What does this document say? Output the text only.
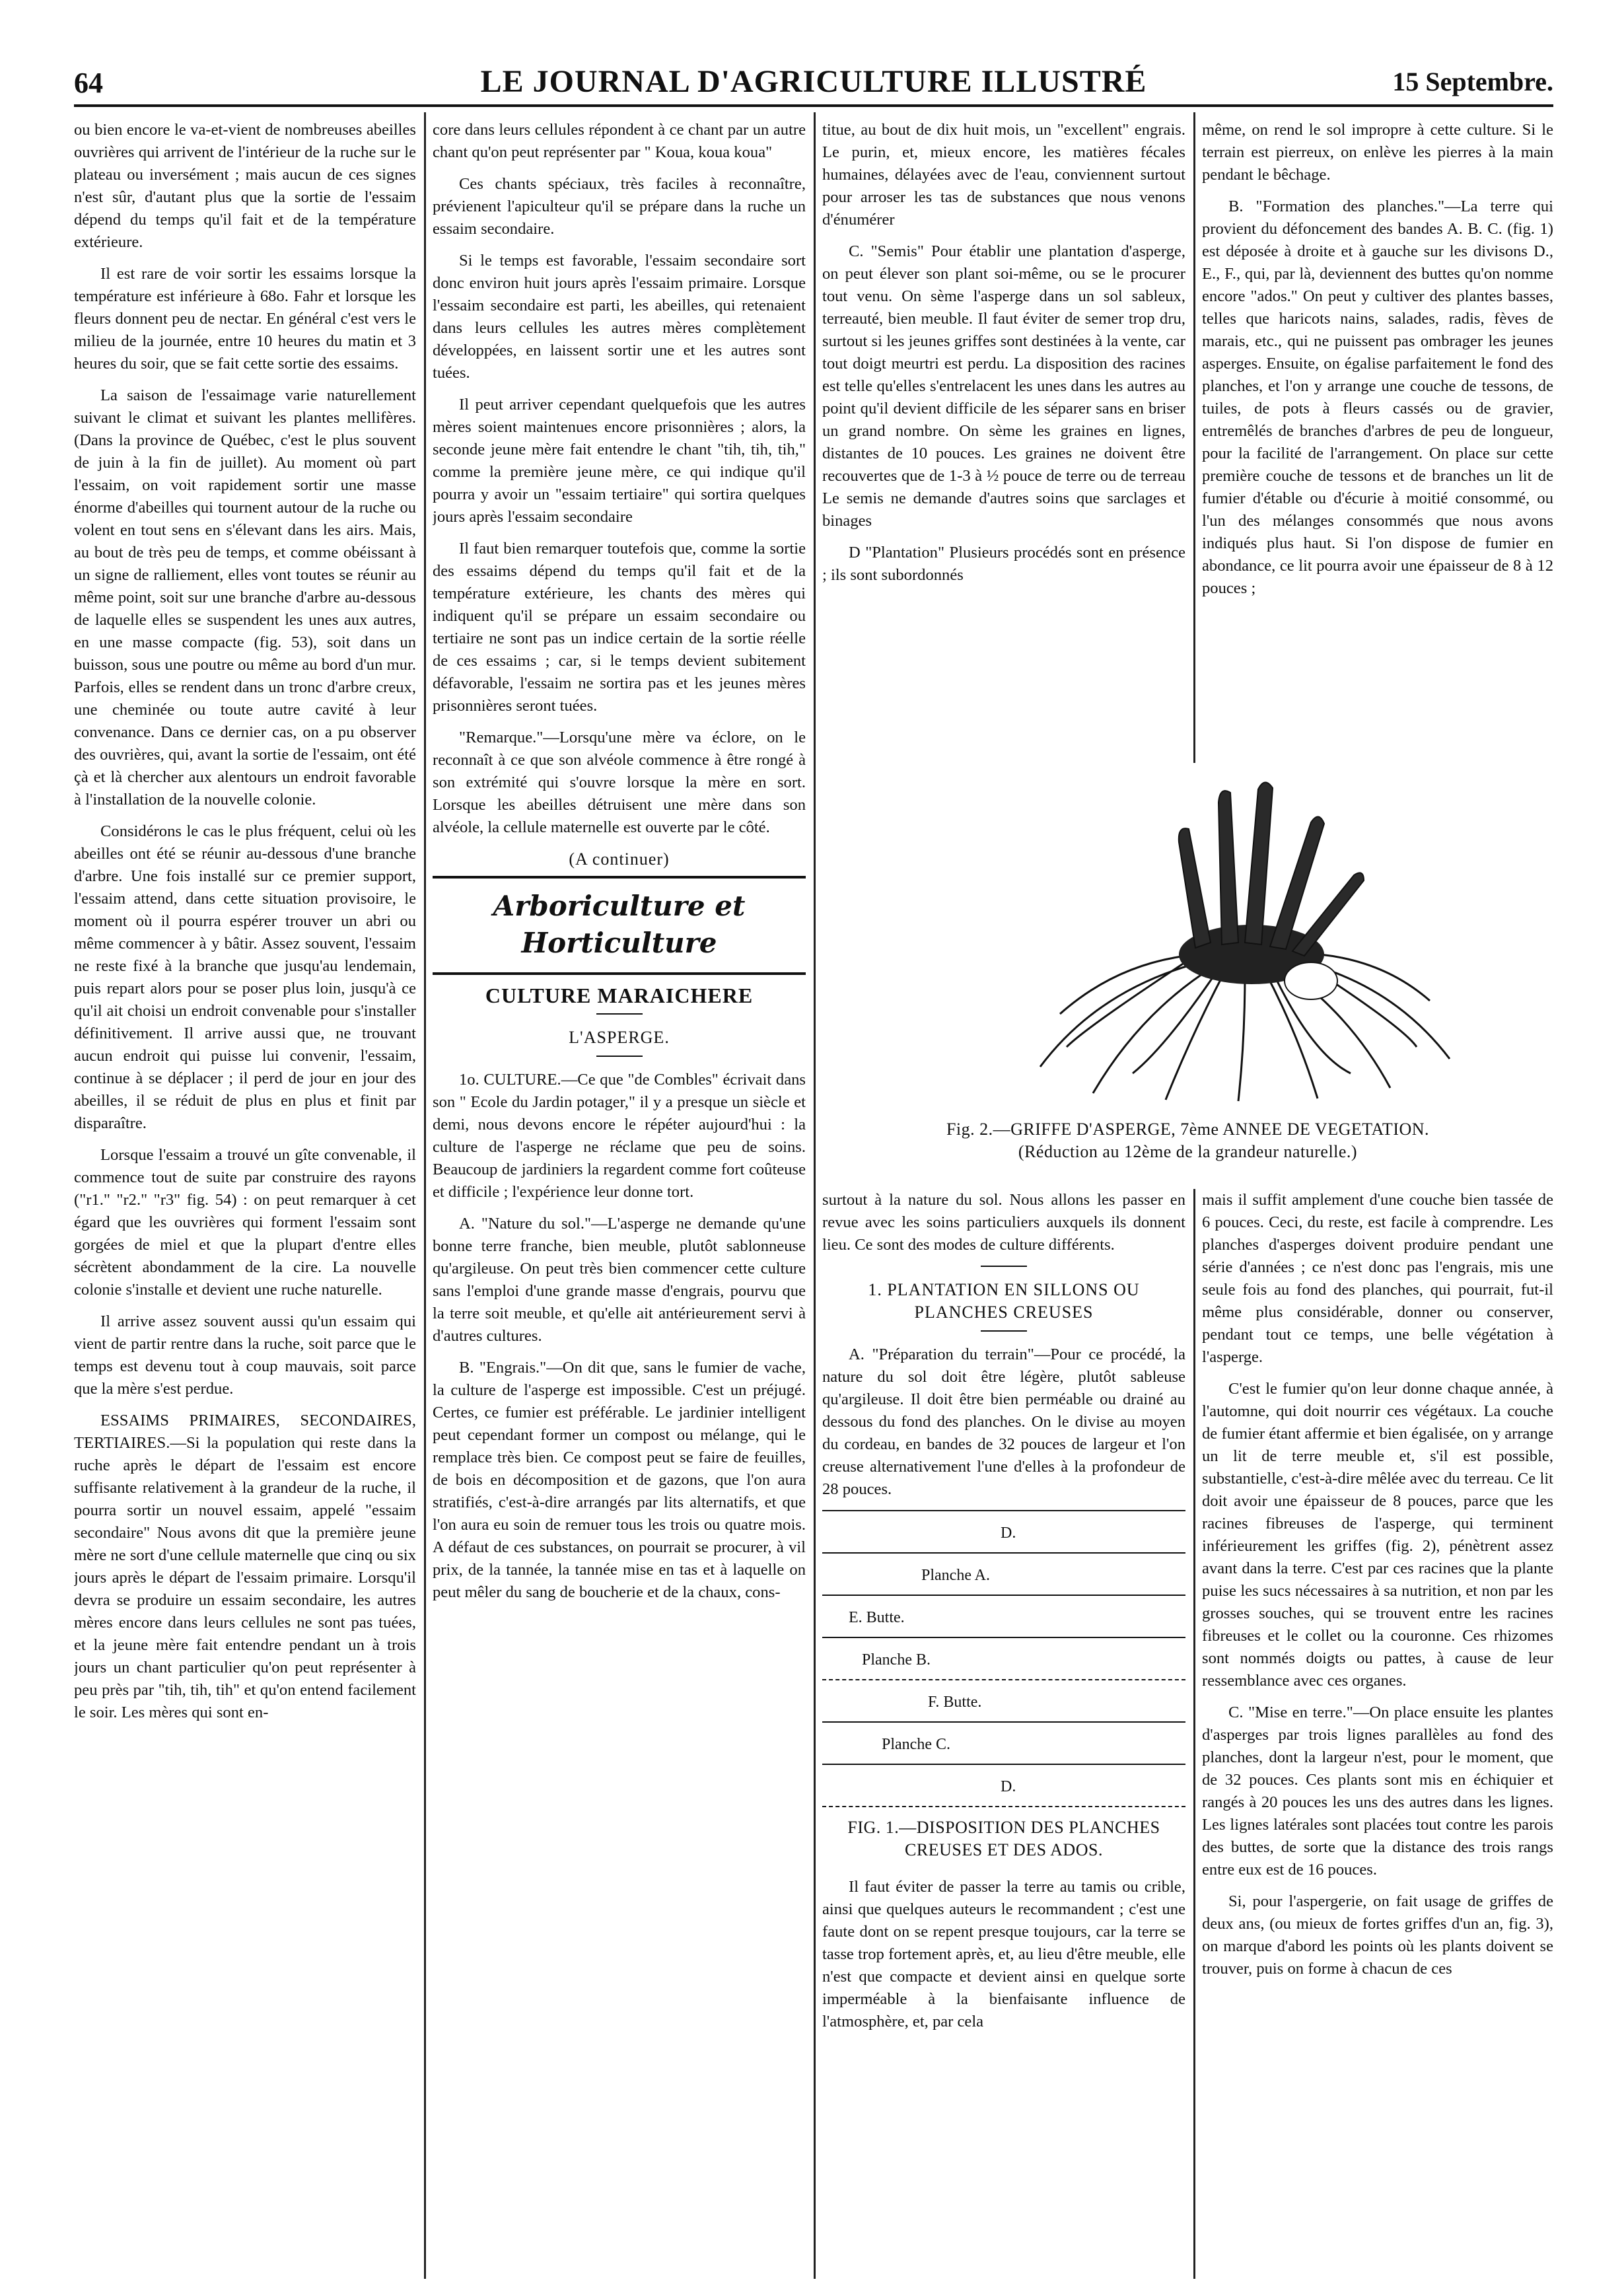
64	LE JOURNAL D'AGRICULTURE ILLUSTRÉ	15 Septembre.

ou bien encore le va-et-vient de nombreuses abeilles ouvrières qui arrivent de l'intérieur de la ruche sur le plateau ou inversément ; mais aucun de ces signes n'est sûr, d'autant plus que la sortie de l'essaim dépend du temps qu'il fait et de la température extérieure.

Il est rare de voir sortir les essaims lorsque la température est inférieure à 68o. Fahr et lorsque les fleurs donnent peu de nectar. En général c'est vers le milieu de la journée, entre 10 heures du matin et 3 heures du soir, que se fait cette sortie des essaims.

La saison de l'essaimage varie naturellement suivant le climat et suivant les plantes mellifères. (Dans la province de Québec, c'est le plus souvent de juin à la fin de juillet). Au moment où part l'essaim, on voit rapidement sortir une masse énorme d'abeilles qui tournent autour de la ruche ou volent en tout sens en s'élevant dans les airs. Mais, au bout de très peu de temps, et comme obéissant à un signe de ralliement, elles vont toutes se réunir au même point, soit sur une branche d'arbre au-dessous de laquelle elles se suspendent les unes aux autres, en une masse compacte (fig. 53), soit dans un buisson, sous une poutre ou même au bord d'un mur. Parfois, elles se rendent dans un tronc d'arbre creux, une cheminée ou toute autre cavité à leur convenance. Dans ce dernier cas, on a pu observer des ouvrières, qui, avant la sortie de l'essaim, ont été çà et là chercher aux alentours un endroit favorable à l'installation de la nouvelle colonie.

Considérons le cas le plus fréquent, celui où les abeilles ont été se réunir au-dessous d'une branche d'arbre. Une fois installé sur ce premier support, l'essaim attend, dans cette situation provisoire, le moment où il pourra espérer trouver un abri ou même commencer à y bâtir. Assez souvent, l'essaim ne reste fixé à la branche que jusqu'au lendemain, puis repart alors pour se poser plus loin, jusqu'à ce qu'il ait choisi un endroit convenable pour s'installer définitivement. Il arrive aussi que, ne trouvant aucun endroit qui puisse lui convenir, l'essaim, continue à se déplacer ; il perd de jour en jour des abeilles, il se réduit de plus en plus et finit par disparaître.

Lorsque l'essaim a trouvé un gîte convenable, il commence tout de suite par construire des rayons ("r1." "r2." "r3" fig. 54) : on peut remarquer à cet égard que les ouvrières qui forment l'essaim sont gorgées de miel et que la plupart d'entre elles sécrètent abondamment de la cire. La nouvelle colonie s'installe et devient une ruche naturelle.

Il arrive assez souvent aussi qu'un essaim qui vient de partir rentre dans la ruche, soit parce que le temps est devenu tout à coup mauvais, soit parce que la mère s'est perdue.

ESSAIMS PRIMAIRES, SECONDAIRES, TERTIAIRES.—Si la population qui reste dans la ruche après le départ de l'essaim est encore suffisante relativement à la grandeur de la ruche, il pourra sortir un nouvel essaim, appelé "essaim secondaire" Nous avons dit que la première jeune mère ne sort d'une cellule maternelle que cinq ou six jours après le départ de l'essaim primaire. Lorsqu'il devra se produire un essaim secondaire, les autres mères encore dans leurs cellules ne sont pas tuées, et la jeune mère fait entendre pendant un à trois jours un chant particulier qu'on peut représenter à peu près par "tih, tih, tih" et qu'on entend facilement le soir. Les mères qui sont en-

core dans leurs cellules répondent à ce chant par un autre chant qu'on peut représenter par " Koua, koua koua"

Ces chants spéciaux, très faciles à reconnaître, prévienent l'apiculteur qu'il se prépare dans la ruche un essaim secondaire.

Si le temps est favorable, l'essaim secondaire sort donc environ huit jours après l'essaim primaire. Lorsque l'essaim secondaire est parti, les abeilles, qui retenaient dans leurs cellules les autres mères complètement développées, en laissent sortir une et les autres sont tuées.

Il peut arriver cependant quelquefois que les autres mères soient maintenues encore prisonnières ; alors, la seconde jeune mère fait entendre le chant "tih, tih, tih," comme la première jeune mère, ce qui indique qu'il pourra y avoir un "essaim tertiaire" qui sortira quelques jours après l'essaim secondaire

Il faut bien remarquer toutefois que, comme la sortie des essaims dépend du temps qu'il fait et de la température extérieure, les chants des mères qui indiquent qu'il se prépare un essaim secondaire ou tertiaire ne sont pas un indice certain de la sortie réelle de ces essaims ; car, si le temps devient subitement défavorable, l'essaim ne sortira pas et les jeunes mères prisonnières seront tuées.

"Remarque."—Lorsqu'une mère va éclore, on le reconnaît à ce que son alvéole commence à être rongé à son extrémité qui s'ouvre lorsque la mère en sort. Lorsque les abeilles détruisent une mère dans son alvéole, la cellule maternelle est ouverte par le côté.

(A continuer)
Arboriculture et Horticulture
CULTURE MARAICHERE
L'ASPERGE.

1o. CULTURE.—Ce que "de Combles" écrivait dans son " Ecole du Jardin potager," il y a presque un siècle et demi, nous devons encore le répéter aujourd'hui : la culture de l'asperge ne réclame que peu de soins. Beaucoup de jardiniers la regardent comme fort coûteuse et difficile ; l'expérience leur donne tort.

A. "Nature du sol."—L'asperge ne demande qu'une bonne terre franche, bien meuble, plutôt sablonneuse qu'argileuse. On peut très bien commencer cette culture sans l'emploi d'une grande masse d'engrais, pourvu que la terre soit meuble, et qu'elle ait antérieurement servi à d'autres cultures.

B. "Engrais."—On dit que, sans le fumier de vache, la culture de l'asperge est impossible. C'est un préjugé. Certes, ce fumier est préférable. Le jardinier intelligent peut cependant former un compost ou mélange, qui le remplace très bien. Ce compost peut se faire de feuilles, de bois en décomposition et de gazons, que l'on aura stratifiés, c'est-à-dire arrangés par lits alternatifs, et que l'on aura eu soin de remuer tous les trois ou quatre mois. A défaut de ces substances, on pourrait se procurer, à vil prix, de la tannée, la tannée mise en tas et à laquelle on peut mêler du sang de boucherie et de la chaux, cons-

titue, au bout de dix huit mois, un "excellent" engrais. Le purin, et, mieux encore, les matières fécales humaines, délayées avec de l'eau, conviennent surtout pour arroser les tas de substances que nous venons d'énumérer

C. "Semis" Pour établir une plantation d'asperge, on peut élever son plant soi-même, ou se le procurer tout venu. On sème l'asperge dans un sol sableux, terreauté, bien meuble. Il faut éviter de semer trop dru, surtout si les jeunes griffes sont destinées à la vente, car tout doigt meurtri est perdu. La disposition des racines est telle qu'elles s'entrelacent les unes dans les autres au point qu'il devient difficile de les séparer sans en briser un grand nombre. On sème les graines en lignes, distantes de 10 pouces. Les graines ne doivent être recouvertes que de 1-3 à ½ pouce de terre ou de terreau Le semis ne demande d'autres soins que sarclages et binages

D "Plantation" Plusieurs procédés sont en présence ; ils sont subordonnés

même, on rend le sol impropre à cette culture. Si le terrain est pierreux, on enlève les pierres à la main pendant le bêchage.

B. "Formation des planches."—La terre qui provient du défoncement des bandes A. B. C. (fig. 1) est déposée à droite et à gauche sur les divisons D., E., F., qui, par là, deviennent des buttes qu'on nomme encore "ados." On peut y cultiver des plantes basses, telles que haricots nains, salades, radis, fèves de marais, etc., qui ne puissent pas ombrager les jeunes asperges. Ensuite, on égalise parfaitement le fond des planches, et l'on y arrange une couche de tessons, de tuiles, de pots à fleurs cassés ou de gravier, entremêlés de branches d'arbres de peu de longueur, pour la facilité de l'arrangement. On place sur cette première couche de tessons et de branches un lit de fumier d'étable ou d'écurie à moitié consommé, ou l'un des mélanges consommés que nous avons indiqués plus haut. Si l'on dispose de fumier en abondance, ce lit pourra avoir une épaisseur de 8 à 12 pouces ;

Fig. 2.—GRIFFE D'ASPERGE, 7ème ANNEE DE VEGETATION.
(Réduction au 12ème de la grandeur naturelle.)

surtout à la nature du sol. Nous allons les passer en revue avec les soins particuliers auxquels ils donnent lieu. Ce sont des modes de culture différents.

1. PLANTATION EN SILLONS OU PLANCHES CREUSES

A. "Préparation du terrain"—Pour ce procédé, la nature du sol doit être légère, plutôt sableuse qu'argileuse. Il doit être bien perméable ou drainé au dessous du fond des planches. On le divise au moyen du cordeau, en bandes de 32 pouces de largeur et l'on creuse alternativement l'une d'elles à la profondeur de 28 pouces.

D.
Planche A.
E. Butte.
Planche B.
F. Butte.
Planche C.
D.
FIG. 1.—DISPOSITION DES PLANCHES CREUSES ET DES ADOS.

Il faut éviter de passer la terre au tamis ou crible, ainsi que quelques auteurs le recommandent ; c'est une faute dont on se repent presque toujours, car la terre se tasse trop fortement après, et, au lieu d'être meuble, elle n'est que compacte et devient ainsi en quelque sorte imperméable à la bienfaisante influence de l'atmosphère, et, par cela

mais il suffit amplement d'une couche bien tassée de 6 pouces. Ceci, du reste, est facile à comprendre. Les planches d'asperges doivent produire pendant une série d'années ; ce n'est donc pas l'engrais, mis une seule fois au fond des planches, qui pourrait, fut-il même plus considérable, donner ou conserver, pendant tout ce temps, une belle végétation à l'asperge.

C'est le fumier qu'on leur donne chaque année, à l'automne, qui doit nourrir ces végétaux. La couche de fumier étant affermie et bien égalisée, on y arrange un lit de terre meuble et, s'il est possible, substantielle, c'est-à-dire mêlée avec du terreau. Ce lit doit avoir une épaisseur de 8 pouces, parce que les racines fibreuses de l'asperge, qui terminent inférieurement les griffes (fig. 2), pénètrent assez avant dans la terre. C'est par ces racines que la plante puise les sucs nécessaires à sa nutrition, et non par les grosses souches, qui se trouvent entre les racines fibreuses et le collet ou la couronne. Ces rhizomes sont nommés doigts ou pattes, à cause de leur ressemblance avec ces organes.

C. "Mise en terre."—On place ensuite les plantes d'asperges par trois lignes parallèles au fond des planches, dont la largeur n'est, pour le moment, que de 32 pouces. Ces plants sont mis en échiquier et rangés à 20 pouces les uns des autres dans les lignes. Les lignes latérales sont placées tout contre les parois des buttes, de sorte que la distance des trois rangs entre eux est de 16 pouces.

Si, pour l'aspergerie, on fait usage de griffes de deux ans, (ou mieux de fortes griffes d'un an, fig. 3), on marque d'abord les points où les plants doivent se trouver, puis on forme à chacun de ces
